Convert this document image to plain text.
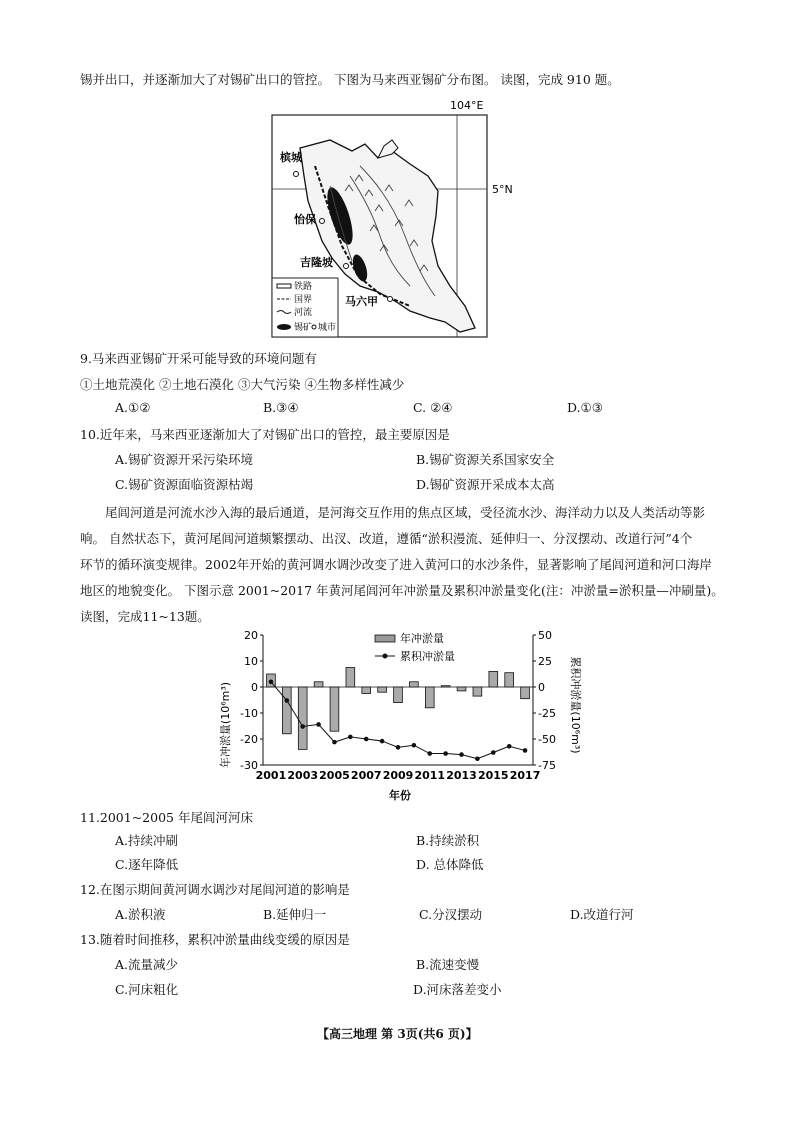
锡并出口，并逐渐加大了对锡矿出口的管控。 下图为马来西亚锡矿分布图。 读图，完成 910 题。
104°E
5°N
槟城
怡保
吉隆坡
马六甲
铁路
国界
河流
锡矿 城市
9.马来西亚锡矿开采可能导致的环境问题有
①土地荒漠化 ②土地石漠化 ③大气污染 ④生物多样性减少
A.①②	B.③④	C. ②④	D.①③
10.近年来，马来西亚逐渐加大了对锡矿出口的管控，最主要原因是
A.锡矿资源开采污染环境	B.锡矿资源关系国家安全
C.锡矿资源面临资源枯竭	D.锡矿资源开采成本太高

尾闾河道是河流水沙入海的最后通道，是河海交互作用的焦点区域，受径流水沙、海洋动力以及人类活动等影

响。 自然状态下，黄河尾闾河道频繁摆动、出汊、改道，遵循“淤积漫流、延伸归一、分汊摆动、改道行河”4个

环节的循环演变规律。2002年开始的黄河调水调沙改变了进入黄河口的水沙条件，显著影响了尾闾河道和河口海岸

地区的地貌变化。 下图示意 2001~2017 年黄河尾闾河年冲淤量及累积冲淤量变化(注：冲淤量=淤积量—冲刷量)。

读图，完成11~13题。

20
10
0
-10
-20
-30
50
25
0
-25
-50
-75
2001 2003 2005 2007 2009 2011 2013 2015 2017
年冲淤量(10⁶m³)	累积冲淤量(10⁶m³)
年份
年冲淤量
累积冲淤量
11.2001~2005 年尾闾河河床
A.持续冲刷	B.持续淤积
C.逐年降低	D. 总体降低
12.在图示期间黄河调水调沙对尾闾河道的影响是
A.淤积液	B.延伸归一	C.分汊摆动	D.改道行河
13.随着时间推移，累积冲淤量曲线变缓的原因是
A.流量减少	B.流速变慢
C.河床粗化	D.河床落差变小
【高三地理 第 3页(共6 页)】
